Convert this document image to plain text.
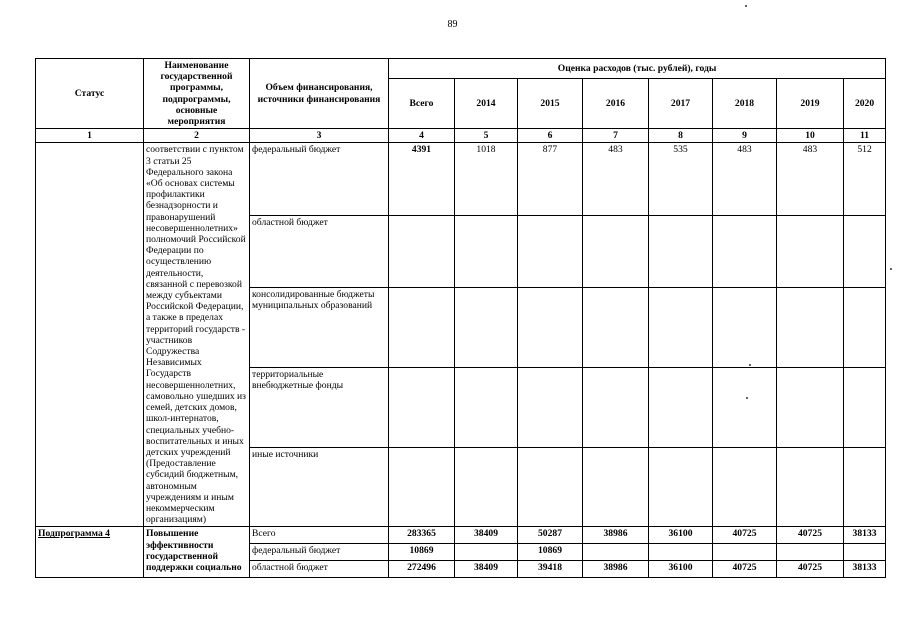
89
Статус	Наименование государственной программы, подпрограммы, основные мероприятия	Объем финансирования, источники финансирования	Оценка расходов (тыс. рублей), годы							
			Всего	2014	2015	2016	2017	2018	2019	2020
1	2	3	4	5	6	7	8	9	10	11
	соответствии с пунктом 3 статьи 25 Федерального закона «Об основах системы профилактики безнадзорности и правонарушений несовершеннолетних» полномочий Российской Федерации по осуществлению деятельности, связанной с перевозкой между субъектами Российской Федерации, а также в пределах территорий государств - участников Содружества Независимых Государств несовершеннолетних, самовольно ушедших из семей, детских домов, школ-интернатов, специальных учебно-воспитательных и иных детских учреждений (Предоставление субсидий бюджетным, автономным учреждениям и иным некоммерческим организациям)	федеральный бюджет	4391	1018	877	483	535	483	483	512
		областной бюджет								
		консолидированные бюджеты муниципальных образований								
		территориальные внебюджетные фонды								
		иные источники								
Подпрограмма 4	Повышение эффективности государственной поддержки социально	Всего	283365	38409	50287	38986	36100	40725	40725	38133
		федеральный бюджет	10869		10869					
		областной бюджет	272496	38409	39418	38986	36100	40725	40725	38133
